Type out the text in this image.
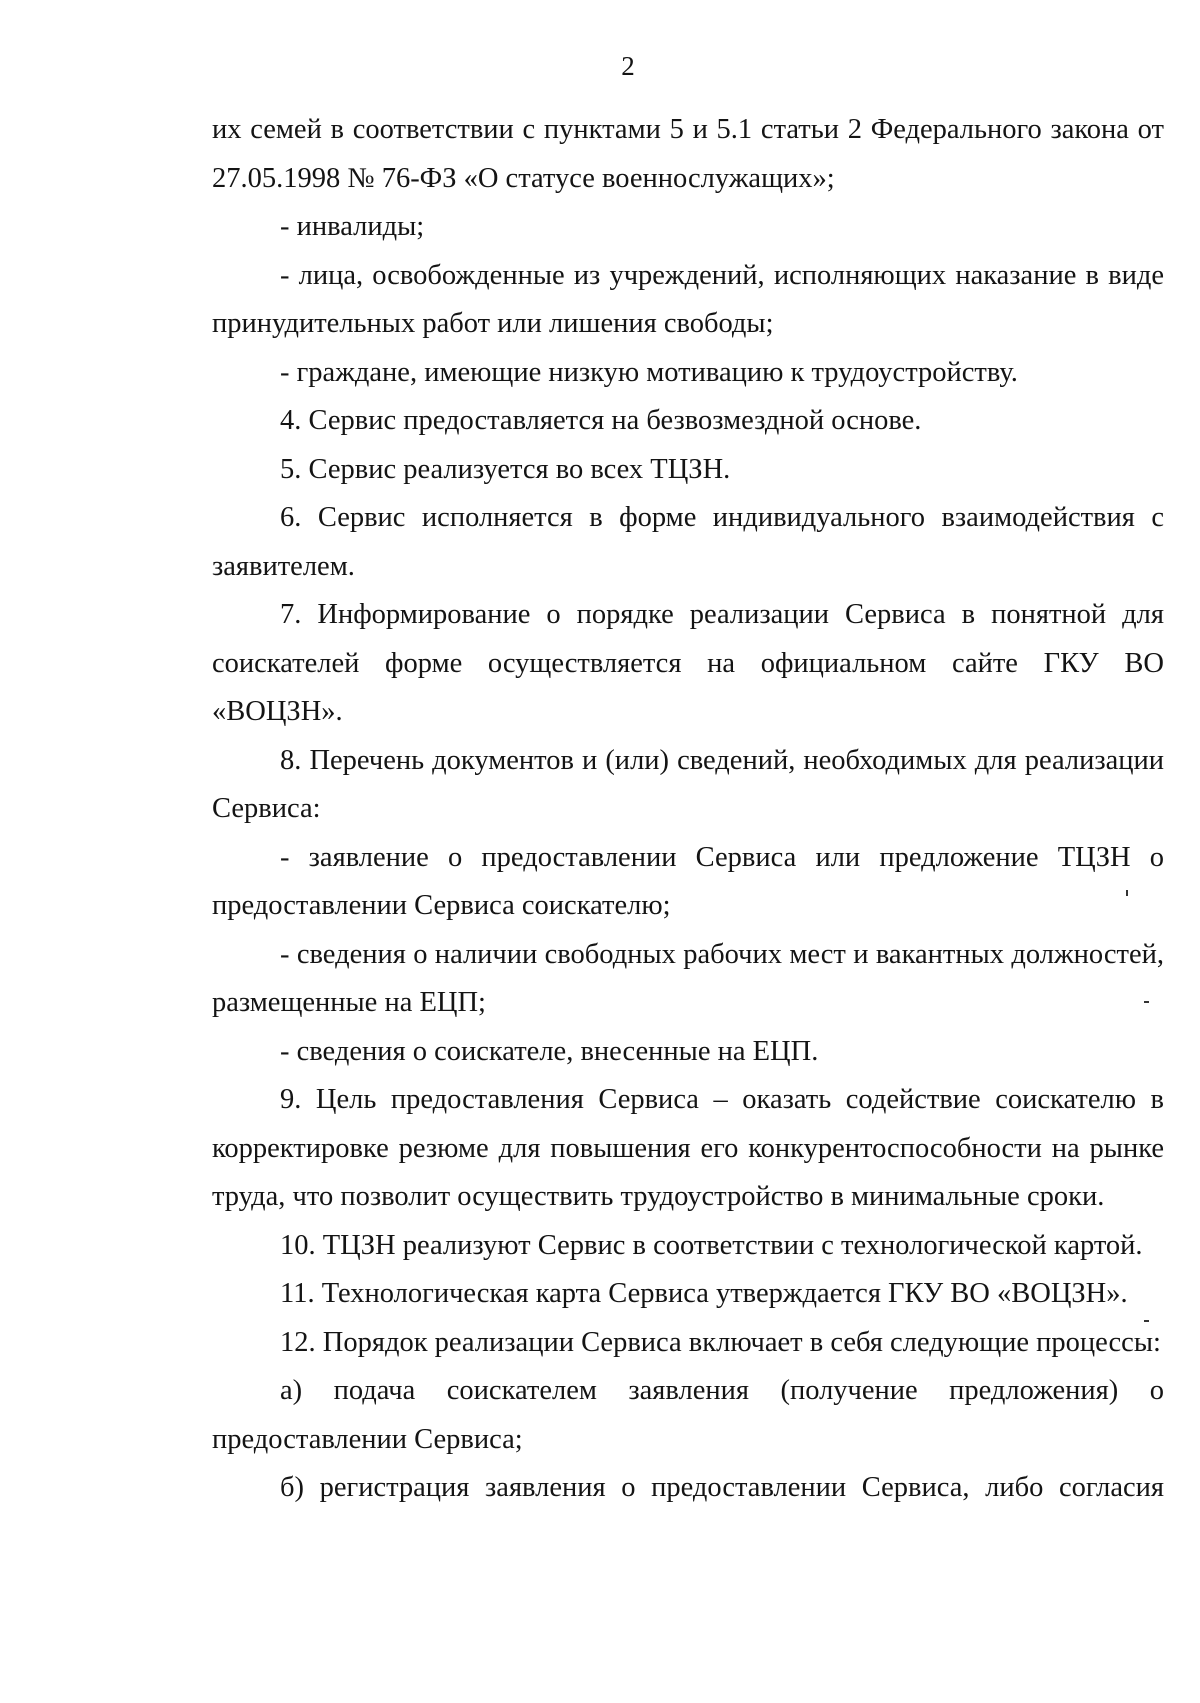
2

их семей в соответствии с пунктами 5 и 5.1 статьи 2 Федерального закона от 27.05.1998 № 76-ФЗ «О статусе военнослужащих»;

- инвалиды;

- лица, освобожденные из учреждений, исполняющих наказание в виде принудительных работ или лишения свободы;

- граждане, имеющие низкую мотивацию к трудоустройству.

4. Сервис предоставляется на безвозмездной основе.

5. Сервис реализуется во всех ТЦЗН.

6. Сервис исполняется в форме индивидуального взаимодействия с заявителем.

7. Информирование о порядке реализации Сервиса в понятной для соискателей форме осуществляется на официальном сайте ГКУ ВО «ВОЦЗН».

8. Перечень документов и (или) сведений, необходимых для реализации Сервиса:

- заявление о предоставлении Сервиса или предложение ТЦЗН о предоставлении Сервиса соискателю;

- сведения о наличии свободных рабочих мест и вакантных должностей, размещенные на ЕЦП;

- сведения о соискателе, внесенные на ЕЦП.

9. Цель предоставления Сервиса – оказать содействие соискателю в корректировке резюме для повышения его конкурентоспособности на рынке труда, что позволит осуществить трудоустройство в минимальные сроки.

10. ТЦЗН реализуют Сервис в соответствии с технологической картой.

11. Технологическая карта Сервиса утверждается ГКУ ВО «ВОЦЗН».

12. Порядок реализации Сервиса включает в себя следующие процессы:

а) подача соискателем заявления (получение предложения) о предоставлении Сервиса;

б) регистрация заявления о предоставлении Сервиса, либо согласия
